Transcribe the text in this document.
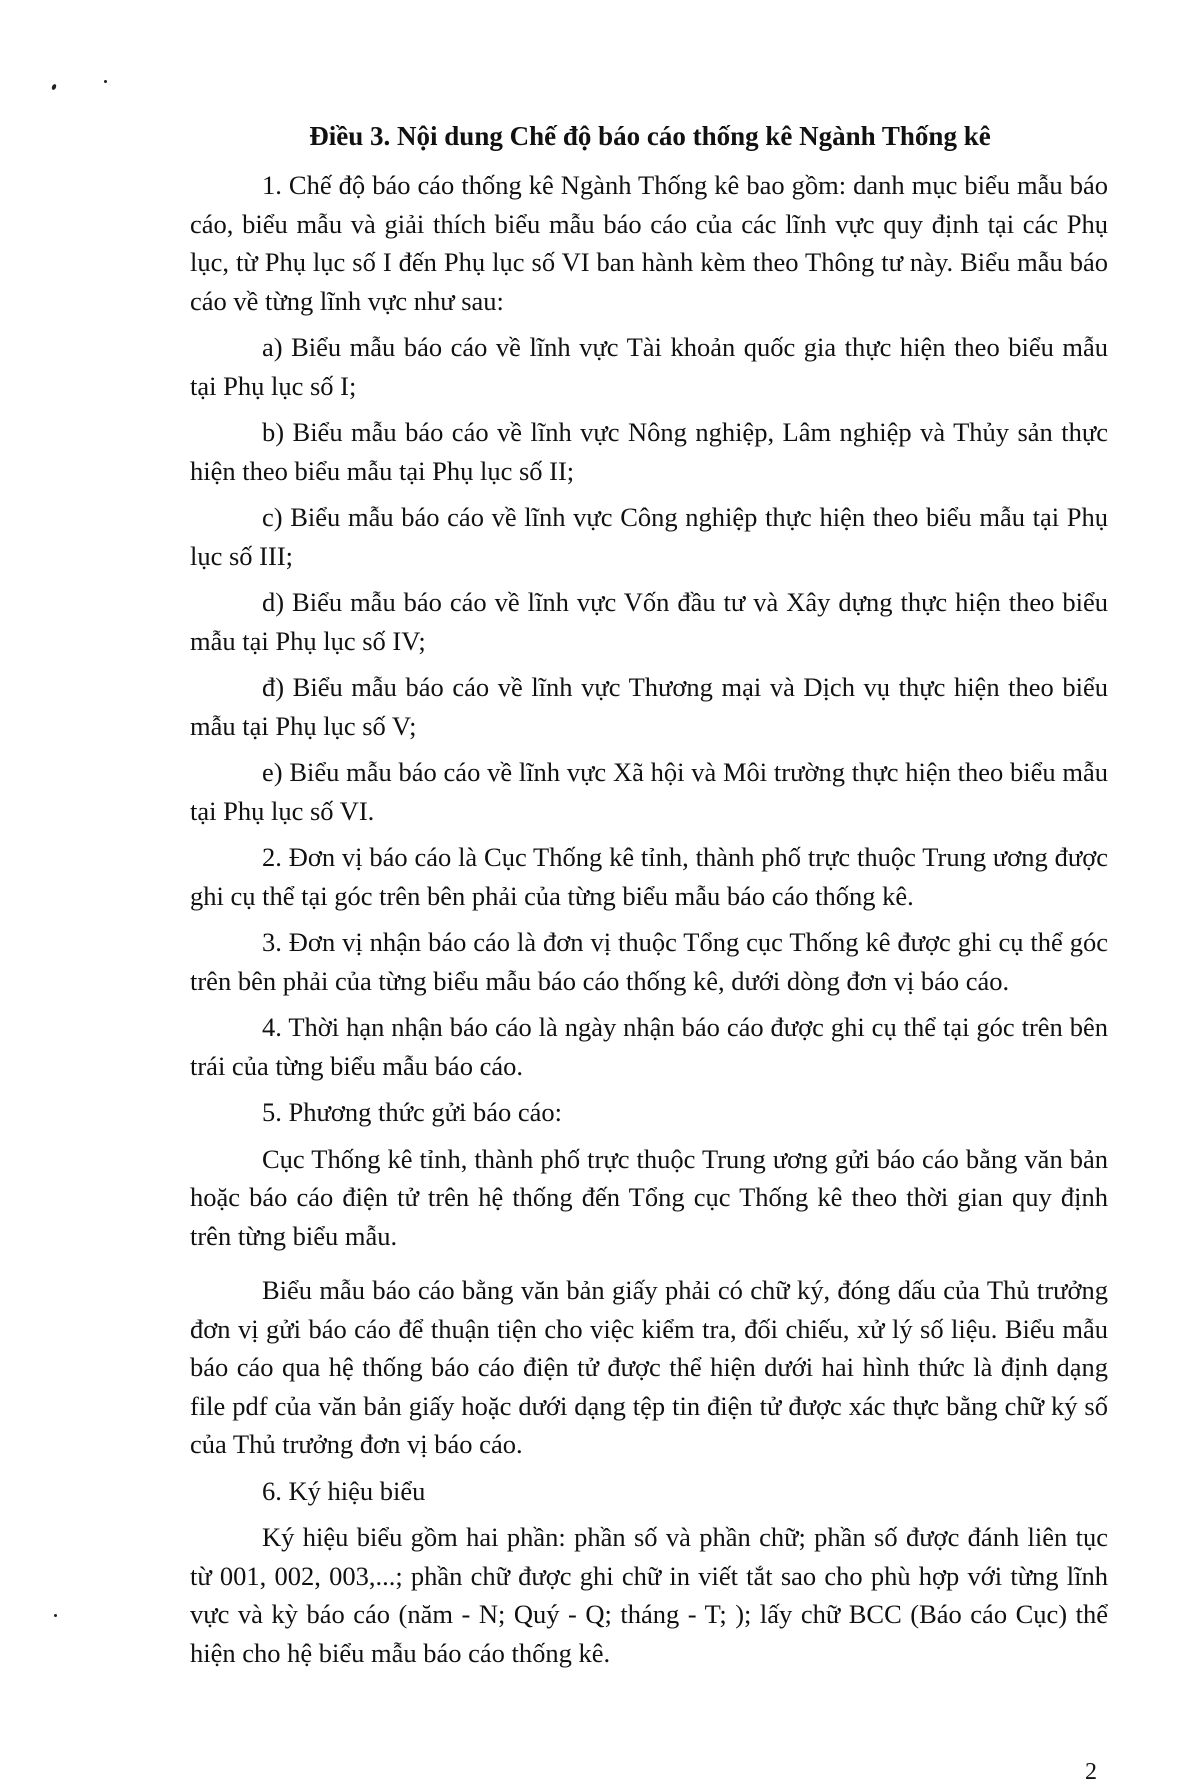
Điều 3. Nội dung Chế độ báo cáo thống kê Ngành Thống kê

1. Chế độ báo cáo thống kê Ngành Thống kê bao gồm: danh mục biểu mẫu báo cáo, biểu mẫu và giải thích biểu mẫu báo cáo của các lĩnh vực quy định tại các Phụ lục, từ Phụ lục số I đến Phụ lục số VI ban hành kèm theo Thông tư này. Biểu mẫu báo cáo về từng lĩnh vực như sau:

a) Biểu mẫu báo cáo về lĩnh vực Tài khoản quốc gia thực hiện theo biểu mẫu tại Phụ lục số I;

b) Biểu mẫu báo cáo về lĩnh vực Nông nghiệp, Lâm nghiệp và Thủy sản thực hiện theo biểu mẫu tại Phụ lục số II;

c) Biểu mẫu báo cáo về lĩnh vực Công nghiệp thực hiện theo biểu mẫu tại Phụ lục số III;

d) Biểu mẫu báo cáo về lĩnh vực Vốn đầu tư và Xây dựng thực hiện theo biểu mẫu tại Phụ lục số IV;

đ) Biểu mẫu báo cáo về lĩnh vực Thương mại và Dịch vụ thực hiện theo biểu mẫu tại Phụ lục số V;

e) Biểu mẫu báo cáo về lĩnh vực Xã hội và Môi trường thực hiện theo biểu mẫu tại Phụ lục số VI.

2. Đơn vị báo cáo là Cục Thống kê tỉnh, thành phố trực thuộc Trung ương được ghi cụ thể tại góc trên bên phải của từng biểu mẫu báo cáo thống kê.

3. Đơn vị nhận báo cáo là đơn vị thuộc Tổng cục Thống kê được ghi cụ thể góc trên bên phải của từng biểu mẫu báo cáo thống kê, dưới dòng đơn vị báo cáo.

4. Thời hạn nhận báo cáo là ngày nhận báo cáo được ghi cụ thể tại góc trên bên trái của từng biểu mẫu báo cáo.

5. Phương thức gửi báo cáo:

Cục Thống kê tỉnh, thành phố trực thuộc Trung ương gửi báo cáo bằng văn bản hoặc báo cáo điện tử trên hệ thống đến Tổng cục Thống kê theo thời gian quy định trên từng biểu mẫu.

Biểu mẫu báo cáo bằng văn bản giấy phải có chữ ký, đóng dấu của Thủ trưởng đơn vị gửi báo cáo để thuận tiện cho việc kiểm tra, đối chiếu, xử lý số liệu. Biểu mẫu báo cáo qua hệ thống báo cáo điện tử được thể hiện dưới hai hình thức là định dạng file pdf của văn bản giấy hoặc dưới dạng tệp tin điện tử được xác thực bằng chữ ký số của Thủ trưởng đơn vị báo cáo.

6. Ký hiệu biểu

Ký hiệu biểu gồm hai phần: phần số và phần chữ; phần số được đánh liên tục từ 001, 002, 003,...; phần chữ được ghi chữ in viết tắt sao cho phù hợp với từng lĩnh vực và kỳ báo cáo (năm - N; Quý - Q; tháng - T; ); lấy chữ BCC (Báo cáo Cục) thể hiện cho hệ biểu mẫu báo cáo thống kê.

2
